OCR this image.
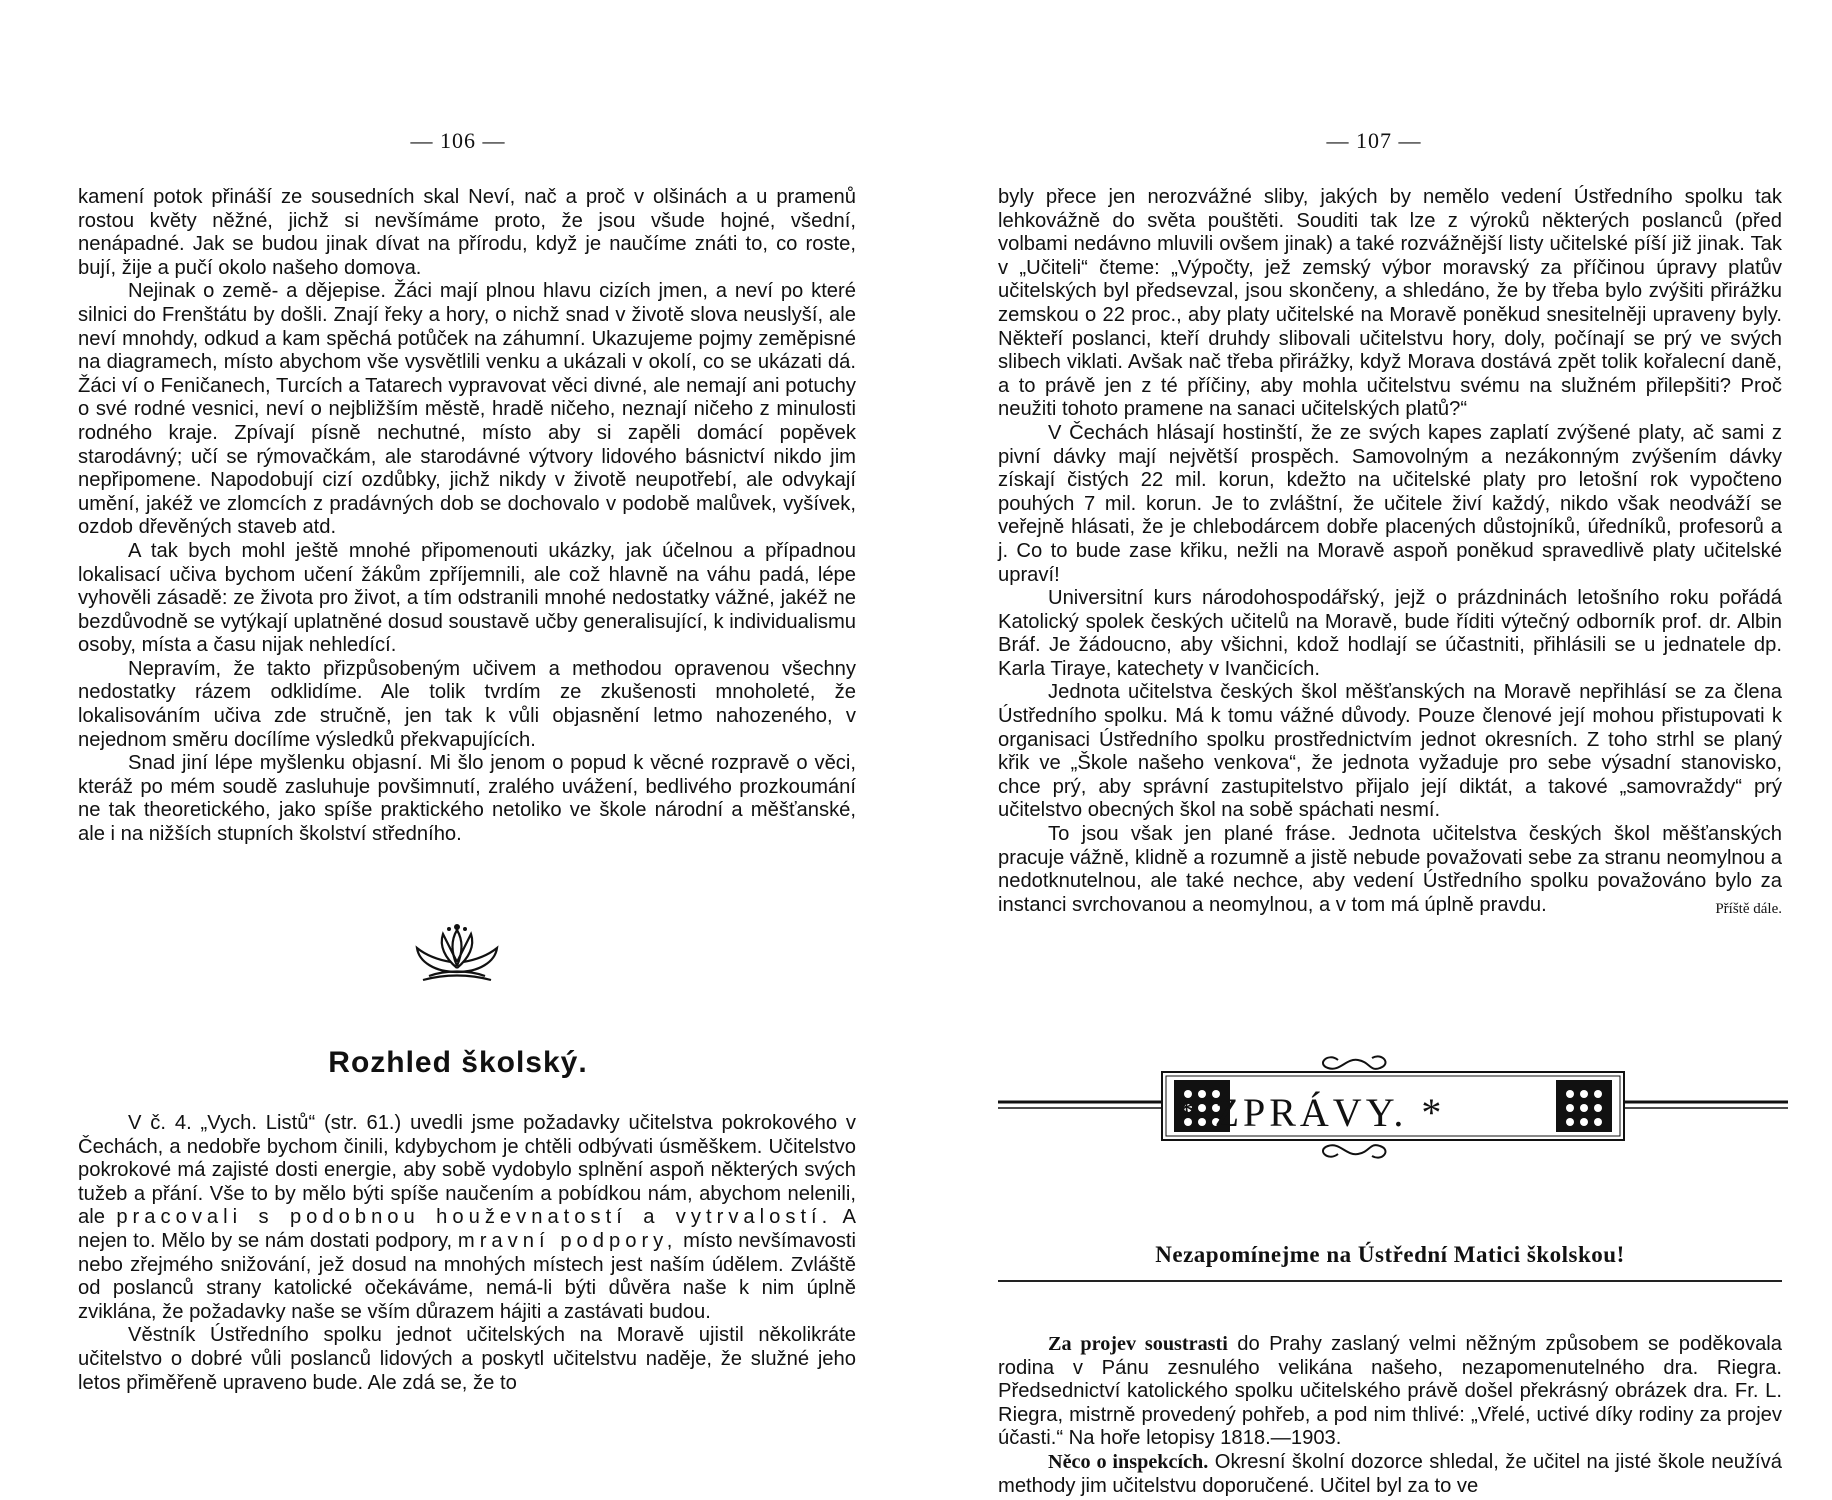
— 106 —

kamení potok přináší ze sousedních skal Neví, nač a proč v olšinách a u pramenů rostou květy něžné, jichž si nevšímáme proto, že jsou všude hojné, všední, nenápadné. Jak se budou jinak dívat na přírodu, když je naučíme znáti to, co roste, bují, žije a pučí okolo našeho domova.

Nejinak o země- a dějepise. Žáci mají plnou hlavu cizích jmen, a neví po které silnici do Frenštátu by došli. Znají řeky a hory, o nichž snad v životě slova neuslyší, ale neví mnohdy, odkud a kam spěchá potůček na záhumní. Ukazujeme pojmy zeměpisné na diagramech, místo abychom vše vysvětlili venku a ukázali v okolí, co se ukázati dá. Žáci ví o Feničanech, Turcích a Tatarech vypravovat věci divné, ale nemají ani potuchy o své rodné vesnici, neví o nejbližším městě, hradě ničeho, neznají ničeho z minulosti rodného kraje. Zpívají písně nechutné, místo aby si zapěli domácí popěvek starodávný; učí se rýmovačkám, ale starodávné výtvory lidového básnictví nikdo jim nepřipomene. Napodobují cizí ozdůbky, jichž nikdy v životě neupotřebí, ale odvykají umění, jakéž ve zlomcích z pradávných dob se dochovalo v podobě malůvek, vyšívek, ozdob dřevěných staveb atd.

A tak bych mohl ještě mnohé připomenouti ukázky, jak účelnou a případnou lokalisací učiva bychom učení žákům zpříjemnili, ale což hlavně na váhu padá, lépe vyhověli zásadě: ze života pro život, a tím odstranili mnohé nedostatky vážné, jakéž ne bezdůvodně se vytýkají uplatněné dosud soustavě učby generalisující, k individualismu osoby, místa a času nijak nehledící.

Nepravím, že takto přizpůsobeným učivem a methodou opravenou všechny nedostatky rázem odklidíme. Ale tolik tvrdím ze zkušenosti mnoholeté, že lokalisováním učiva zde stručně, jen tak k vůli objasnění letmo nahozeného, v nejednom směru docílíme výsledků překvapujících.

Snad jiní lépe myšlenku objasní. Mi šlo jenom o popud k věcné rozpravě o věci, kteráž po mém soudě zasluhuje povšimnutí, zralého uvážení, bedlivého prozkoumání ne tak theoretického, jako spíše praktického netoliko ve škole národní a měšťanské, ale i na nižších stupních školství středního.

Rozhled školský.

V č. 4. „Vych. Listů“ (str. 61.) uvedli jsme požadavky učitelstva pokrokového v Čechách, a nedobře bychom činili, kdybychom je chtěli odbývati úsměškem. Učitelstvo pokrokové má zajisté dosti energie, aby sobě vydobylo splnění aspoň některých svých tužeb a přání. Vše to by mělo býti spíše naučením a pobídkou nám, abychom nelenili, ale pracovali s podobnou houževnatostí a vytrvalostí. A nejen to. Mělo by se nám dostati podpory, mravní podpory, místo nevšímavosti nebo zřejmého snižování, jež dosud na mnohých místech jest naším údělem. Zvláště od poslanců strany katolické očekáváme, nemá-li býti důvěra naše k nim úplně zviklána, že požadavky naše se vším důrazem hájiti a zastávati budou.

Věstník Ústředního spolku jednot učitelských na Moravě ujistil několikráte učitelstvo o dobré vůli poslanců lidových a poskytl učitelstvu naděje, že služné jeho letos přiměřeně upraveno bude. Ale zdá se, že to

— 107 —

byly přece jen nerozvážné sliby, jakých by nemělo vedení Ústředního spolku tak lehkovážně do světa pouštěti. Souditi tak lze z výroků některých poslanců (před volbami nedávno mluvili ovšem jinak) a také rozvážnější listy učitelské píší již jinak. Tak v „Učiteli“ čteme: „Výpočty, jež zemský výbor moravský za příčinou úpravy platův učitelských byl předsevzal, jsou skončeny, a shledáno, že by třeba bylo zvýšiti přirážku zemskou o 22 proc., aby platy učitelské na Moravě poněkud snesitelněji upraveny byly. Někteří poslanci, kteří druhdy slibovali učitelstvu hory, doly, počínají se prý ve svých slibech viklati. Avšak nač třeba přirážky, když Morava dostává zpět tolik kořalecní daně, a to právě jen z té příčiny, aby mohla učitelstvu svému na služném přilepšiti? Proč neužiti tohoto pramene na sanaci učitelských platů?“

V Čechách hlásají hostinští, že ze svých kapes zaplatí zvýšené platy, ač sami z pivní dávky mají největší prospěch. Samovolným a nezákonným zvýšením dávky získají čistých 22 mil. korun, kdežto na učitelské platy pro letošní rok vypočteno pouhých 7 mil. korun. Je to zvláštní, že učitele živí každý, nikdo však neodváží se veřejně hlásati, že je chlebodárcem dobře placených důstojníků, úředníků, profesorů a j. Co to bude zase křiku, nežli na Moravě aspoň poněkud spravedlivě platy učitelské upraví!

Universitní kurs národohospodářský, jejž o prázdninách letošního roku pořádá Katolický spolek českých učitelů na Moravě, bude říditi výtečný odborník prof. dr. Albin Bráf. Je žádoucno, aby všichni, kdož hodlají se účastniti, přihlásili se u jednatele dp. Karla Tiraye, katechety v Ivančicích.

Jednota učitelstva českých škol měšťanských na Moravě nepřihlásí se za člena Ústředního spolku. Má k tomu vážné důvody. Pouze členové její mohou přistupovati k organisaci Ústředního spolku prostřednictvím jednot okresních. Z toho strhl se planý křik ve „Škole našeho venkova“, že jednota vyžaduje pro sebe výsadní stanovisko, chce prý, aby správní zastupitelstvo přijalo její diktát, a takové „samovraždy“ prý učitelstvo obecných škol na sobě spáchati nesmí.

To jsou však jen plané fráse. Jednota učitelstva českých škol měšťanských pracuje vážně, klidně a rozumně a jistě nebude považovati sebe za stranu neomylnou a nedotknutelnou, ale také nechce, aby vedení Ústředního spolku považováno bylo za instanci svrchovanou a neomylnou, a v tom má úplně pravdu.	Příště dále.

* ZPRÁVY. *
Nezapomínejme na Ústřední Matici školskou!

Za projev soustrasti do Prahy zaslaný velmi něžným způsobem se poděkovala rodina v Pánu zesnulého velikána našeho, nezapomenutelného dra. Riegra. Předsednictví katolického spolku učitelského právě došel překrásný obrázek dra. Fr. L. Riegra, mistrně provedený pohřeb, a pod nim thlivé: „Vřelé, uctivé díky rodiny za projev účasti.“ Na hoře letopisy 1818.—1903.

Něco o inspekcích. Okresní školní dozorce shledal, že učitel na jisté škole neužívá methody jim učitelstvu doporučené. Učitel byl za to ve
